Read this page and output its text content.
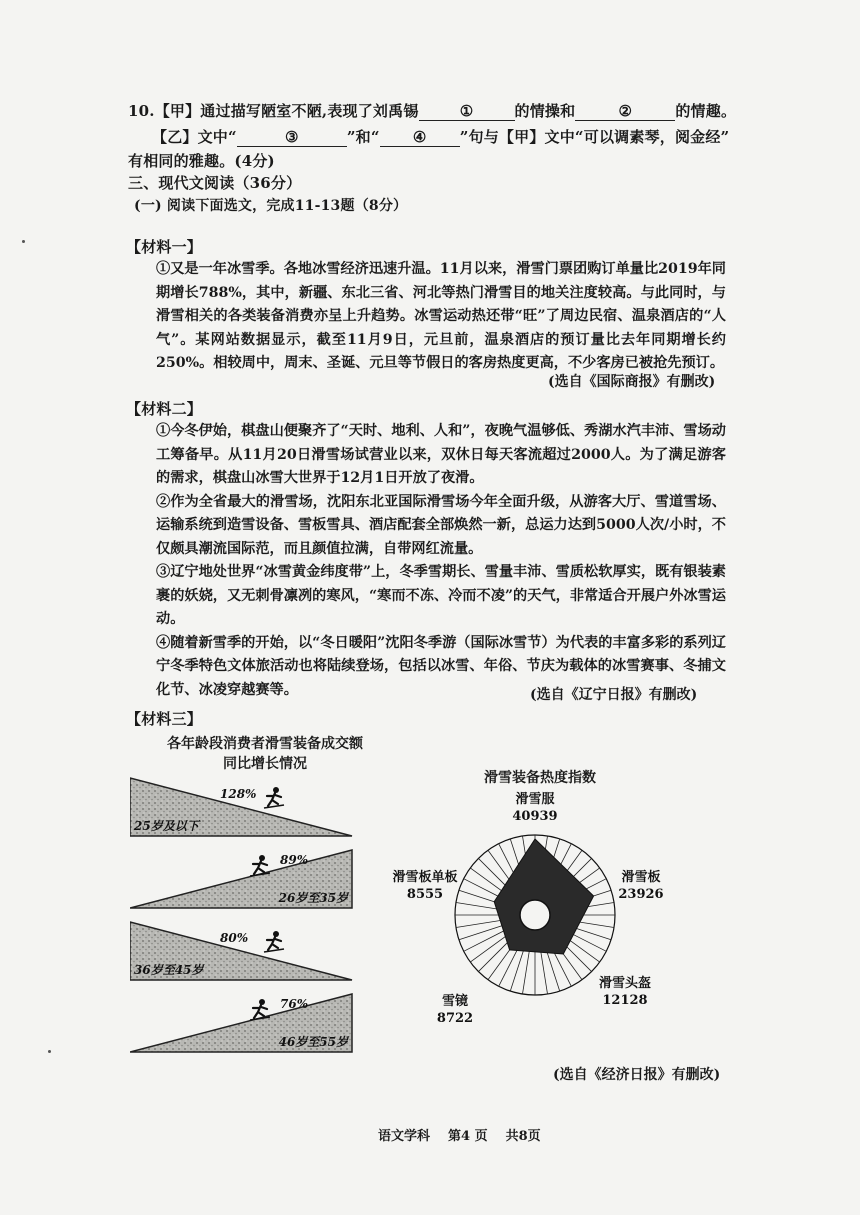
10.【甲】通过描写陋室不陋,表现了刘禹锡	①	的情操和	②	的情趣。
【乙】文中“	③	”和“ ④ ”句与【甲】文中“可以调素琴，阅金经”
有相同的雅趣。(4分)
三、现代文阅读（36分）
(一) 阅读下面选文，完成11-13题（8分）
【材料一】
①又是一年冰雪季。各地冰雪经济迅速升温。11月以来，滑雪门票团购订单量比2019年同期增长788%，其中，新疆、东北三省、河北等热门滑雪目的地关注度较高。与此同时，与滑雪相关的各类装备消费亦呈上升趋势。冰雪运动热还带“旺”了周边民宿、温泉酒店的“人气”。某网站数据显示，截至11月9日，元旦前，温泉酒店的预订量比去年同期增长约250%。相较周中，周末、圣诞、元旦等节假日的客房热度更高，不少客房已被抢先预订。
(选自《国际商报》有删改)
【材料二】
①今冬伊始，棋盘山便聚齐了“天时、地利、人和”，夜晚气温够低、秀湖水汽丰沛、雪场动工筹备早。从11月20日滑雪场试营业以来，双休日每天客流超过2000人。为了满足游客的需求，棋盘山冰雪大世界于12月1日开放了夜滑。
②作为全省最大的滑雪场，沈阳东北亚国际滑雪场今年全面升级，从游客大厅、雪道雪场、运输系统到造雪设备、雪板雪具、酒店配套全部焕然一新，总运力达到5000人次/小时，不仅颇具潮流国际范，而且颜值拉满，自带网红流量。
③辽宁地处世界“冰雪黄金纬度带”上，冬季雪期长、雪量丰沛、雪质松软厚实，既有银装素裹的妖娆，又无刺骨凛冽的寒风，“寒而不冻、冷而不凌”的天气，非常适合开展户外冰雪运动。
④随着新雪季的开始，以“冬日暖阳”沈阳冬季游（国际冰雪节）为代表的丰富多彩的系列辽宁冬季特色文体旅活动也将陆续登场，包括以冰雪、年俗、节庆为载体的冰雪赛事、冬捕文化节、冰凌穿越赛等。	(选自《辽宁日报》有删改)
【材料三】
各年龄段消费者滑雪装备成交额同比增长情况
25岁及以下
128%
26岁至35岁
89%
36岁至45岁
80%
46岁至55岁
76%
滑雪装备热度指数
滑雪服
40939
滑雪板
23926
滑雪头盔
12128
雪镜
8722
滑雪板单板
8555
(选自《经济日报》有删改)
语文学科 第4 页 共8页
